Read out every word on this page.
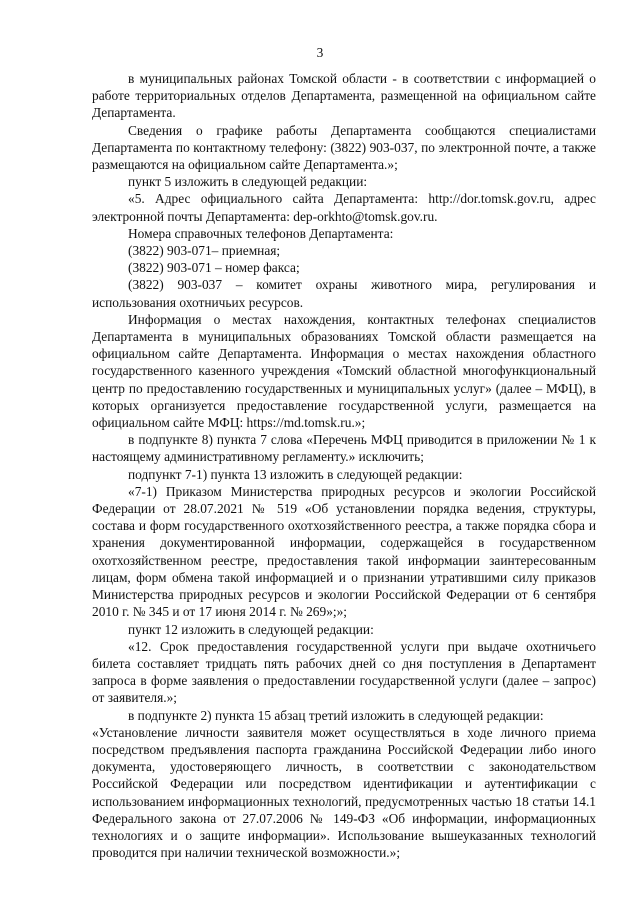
3

в муниципальных районах Томской области - в соответствии с информацией о работе территориальных отделов Департамента, размещенной на официальном сайте Департамента.

Сведения о графике работы Департамента сообщаются специалистами Департамента по контактному телефону: (3822) 903-037, по электронной почте, а также размещаются на официальном сайте Департамента.»;

пункт 5 изложить в следующей редакции:

«5. Адрес официального сайта Департамента: http://dor.tomsk.gov.ru, адрес электронной почты Департамента: dep-orkhto@tomsk.gov.ru.

Номера справочных телефонов Департамента:

(3822) 903-071– приемная;

(3822) 903-071 – номер факса;

(3822) 903-037 – комитет охраны животного мира, регулирования и использования охотничьих ресурсов.

Информация о местах нахождения, контактных телефонах специалистов Департамента в муниципальных образованиях Томской области размещается на официальном сайте Департамента. Информация о местах нахождения областного государственного казенного учреждения «Томский областной многофункциональный центр по предоставлению государственных и муниципальных услуг» (далее – МФЦ), в которых организуется предоставление государственной услуги, размещается на официальном сайте МФЦ: https://md.tomsk.ru.»;

в подпункте 8) пункта 7 слова «Перечень МФЦ приводится в приложении № 1 к настоящему административному регламенту.» исключить;

подпункт 7-1) пункта 13 изложить в следующей редакции:

«7-1) Приказом Министерства природных ресурсов и экологии Российской Федерации от 28.07.2021 № 519 «Об установлении порядка ведения, структуры, состава и форм государственного охотхозяйственного реестра, а также порядка сбора и хранения документированной информации, содержащейся в государственном охотхозяйственном реестре, предоставления такой информации заинтересованным лицам, форм обмена такой информацией и о признании утратившими силу приказов Министерства природных ресурсов и экологии Российской Федерации от 6 сентября 2010 г. № 345 и от 17 июня 2014 г. № 269»;»;

пункт 12 изложить в следующей редакции:

«12. Срок предоставления государственной услуги при выдаче охотничьего билета составляет тридцать пять рабочих дней со дня поступления в Департамент запроса в форме заявления о предоставлении государственной услуги (далее – запрос) от заявителя.»;

в подпункте 2) пункта 15 абзац третий изложить в следующей редакции:

«Установление личности заявителя может осуществляться в ходе личного приема посредством предъявления паспорта гражданина Российской Федерации либо иного документа, удостоверяющего личность, в соответствии с законодательством Российской Федерации или посредством идентификации и аутентификации с использованием информационных технологий, предусмотренных частью 18 статьи 14.1 Федерального закона от 27.07.2006 № 149-ФЗ «Об информации, информационных технологиях и о защите информации». Использование вышеуказанных технологий проводится при наличии технической возможности.»;
